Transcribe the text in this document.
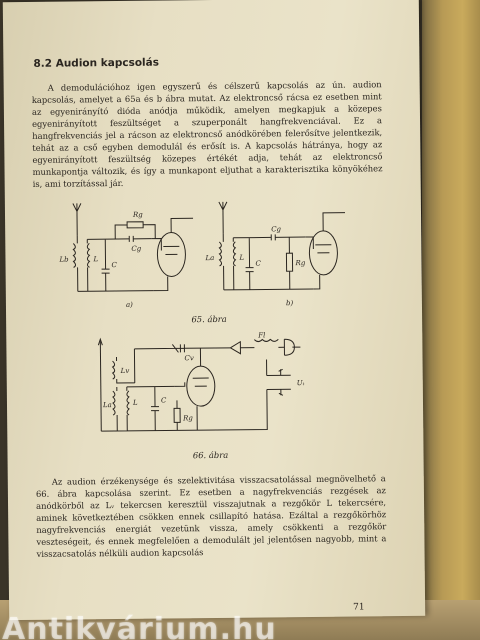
8.2 Audion kapcsolás

A demodulációhoz igen egyszerű és célszerű kapcsolás az ún. audion kapcsolás, amelyet a 65a és b ábra mutat. Az elektroncső rácsa ez esetben mint az egyenirányító dióda anódja működik, amelyen megkapjuk a közepes egyenirányított feszültséget a szuperponált hangfrekvenciával. Ez a hangfrekvenciás jel a rácson az elektroncső anódkörében felerősítve jelentkezik, tehát az a cső egyben demodulál és erősít is. A kapcsolás hátránya, hogy az egyenirányított feszültség közepes értékét adja, tehát az elektroncső munkapontja változik, és így a munkapont eljuthat a karakterisztika könyökéhez is, ami torzítással jár.

Rg
Cg
Lb	L
C
a)
Cg
La	L
C	Rg
b)
65. ábra
Cv
Fl
Lv
La	L	C
Rg
Uₜ
66. ábra

Az audion érzékenysége és szelektivitása visszacsatolással megnövelhető a 66. ábra kapcsolása szerint. Ez esetben a nagyfrekvenciás rezgések az anódkörből az Lᵥ tekercsen keresztül visszajutnak a rezgőkör L tekercsére, aminek következtében csökken ennek csillapító hatása. Ezáltal a rezgőkörhöz nagyfrekvenciás energiát vezetünk vissza, amely csökkenti a rezgőkör veszteségeit, és ennek megfelelően a demodulált jel jelentősen nagyobb, mint a visszacsatolás nélküli audion kapcsolás

71
Antikvárium.hu
